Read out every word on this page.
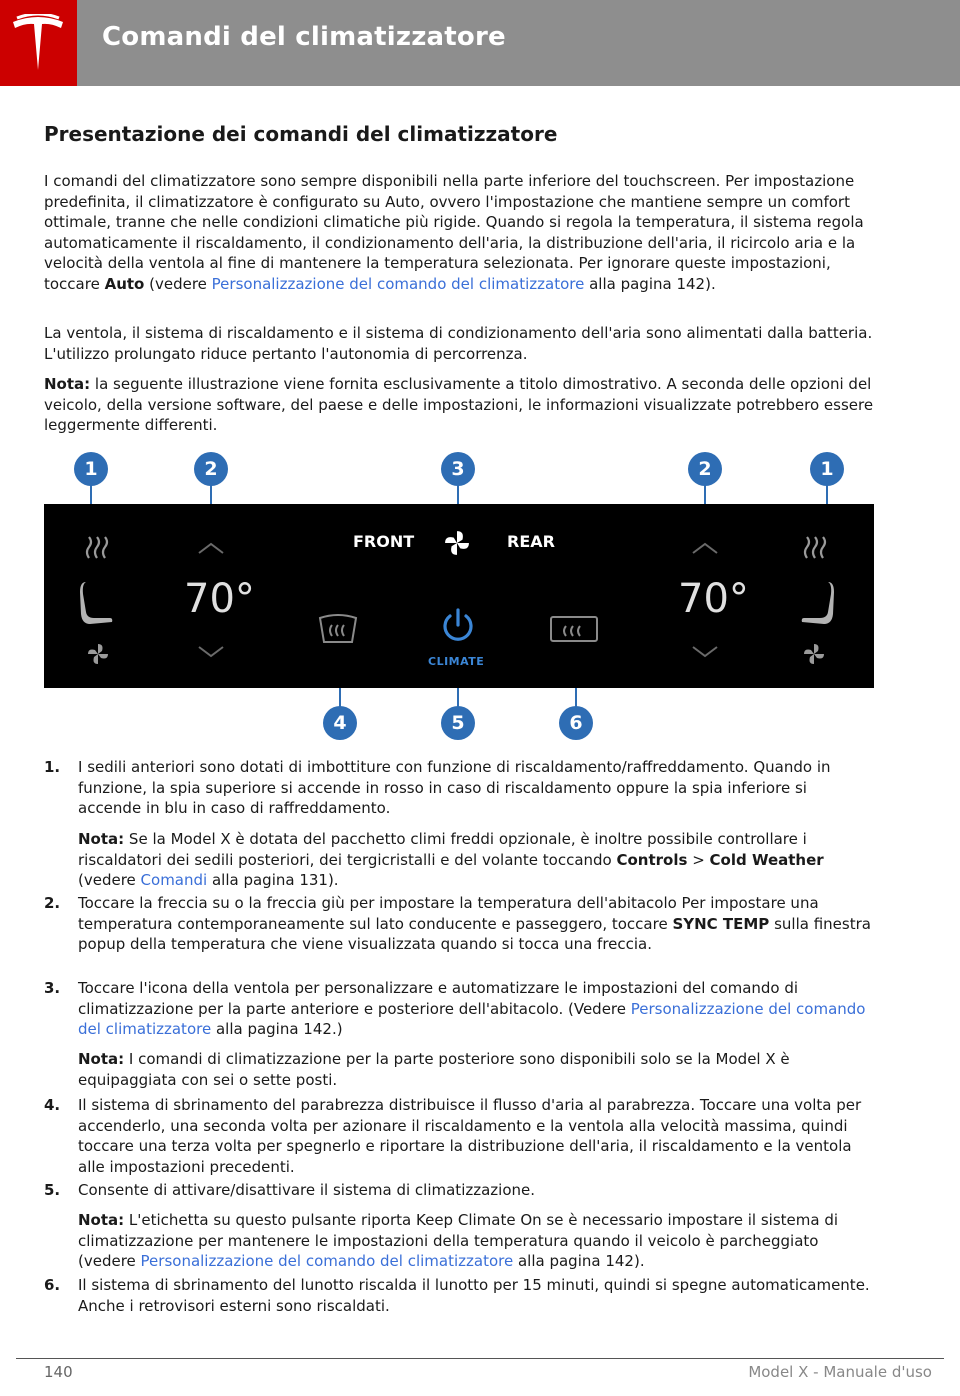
Comandi del climatizzatore
Presentazione dei comandi del climatizzatore
I comandi del climatizzatore sono sempre disponibili nella parte inferiore del touchscreen. Per impostazione predefinita, il climatizzatore è configurato su Auto, ovvero l'impostazione che mantiene sempre un comfort ottimale, tranne che nelle condizioni climatiche più rigide. Quando si regola la temperatura, il sistema regola automaticamente il riscaldamento, il condizionamento dell'aria, la distribuzione dell'aria, il ricircolo aria e la velocità della ventola al fine di mantenere la temperatura selezionata. Per ignorare queste impostazioni, toccare Auto (vedere Personalizzazione del comando del climatizzatore alla pagina 142).
La ventola, il sistema di riscaldamento e il sistema di condizionamento dell'aria sono alimentati dalla batteria. L'utilizzo prolungato riduce pertanto l'autonomia di percorrenza.
Nota: la seguente illustrazione viene fornita esclusivamente a titolo dimostrativo. A seconda delle opzioni del veicolo, della versione software, del paese e delle impostazioni, le informazioni visualizzate potrebbero essere leggermente differenti.
70°
FRONT	REAR
CLIMATE
70°
1	2	3	2	1
4	5	6
1. I sedili anteriori sono dotati di imbottiture con funzione di riscaldamento/raffreddamento. Quando in funzione, la spia superiore si accende in rosso in caso di riscaldamento oppure la spia inferiore si accende in blu in caso di raffreddamento.
Nota: Se la Model X è dotata del pacchetto climi freddi opzionale, è inoltre possibile controllare i riscaldatori dei sedili posteriori, dei tergicristalli e del volante toccando Controls > Cold Weather (vedere Comandi alla pagina 131).
2. Toccare la freccia su o la freccia giù per impostare la temperatura dell'abitacolo Per impostare una temperatura contemporaneamente sul lato conducente e passeggero, toccare SYNC TEMP sulla finestra popup della temperatura che viene visualizzata quando si tocca una freccia.
3. Toccare l'icona della ventola per personalizzare e automatizzare le impostazioni del comando di climatizzazione per la parte anteriore e posteriore dell'abitacolo. (Vedere Personalizzazione del comando del climatizzatore alla pagina 142.)
Nota: I comandi di climatizzazione per la parte posteriore sono disponibili solo se la Model X è equipaggiata con sei o sette posti.
4. Il sistema di sbrinamento del parabrezza distribuisce il flusso d'aria al parabrezza. Toccare una volta per accenderlo, una seconda volta per azionare il riscaldamento e la ventola alla velocità massima, quindi toccare una terza volta per spegnerlo e riportare la distribuzione dell'aria, il riscaldamento e la ventola alle impostazioni precedenti.
5. Consente di attivare/disattivare il sistema di climatizzazione.
Nota: L'etichetta su questo pulsante riporta Keep Climate On se è necessario impostare il sistema di climatizzazione per mantenere le impostazioni della temperatura quando il veicolo è parcheggiato (vedere Personalizzazione del comando del climatizzatore alla pagina 142).
6. Il sistema di sbrinamento del lunotto riscalda il lunotto per 15 minuti, quindi si spegne automaticamente. Anche i retrovisori esterni sono riscaldati.
140	Model X - Manuale d'uso
